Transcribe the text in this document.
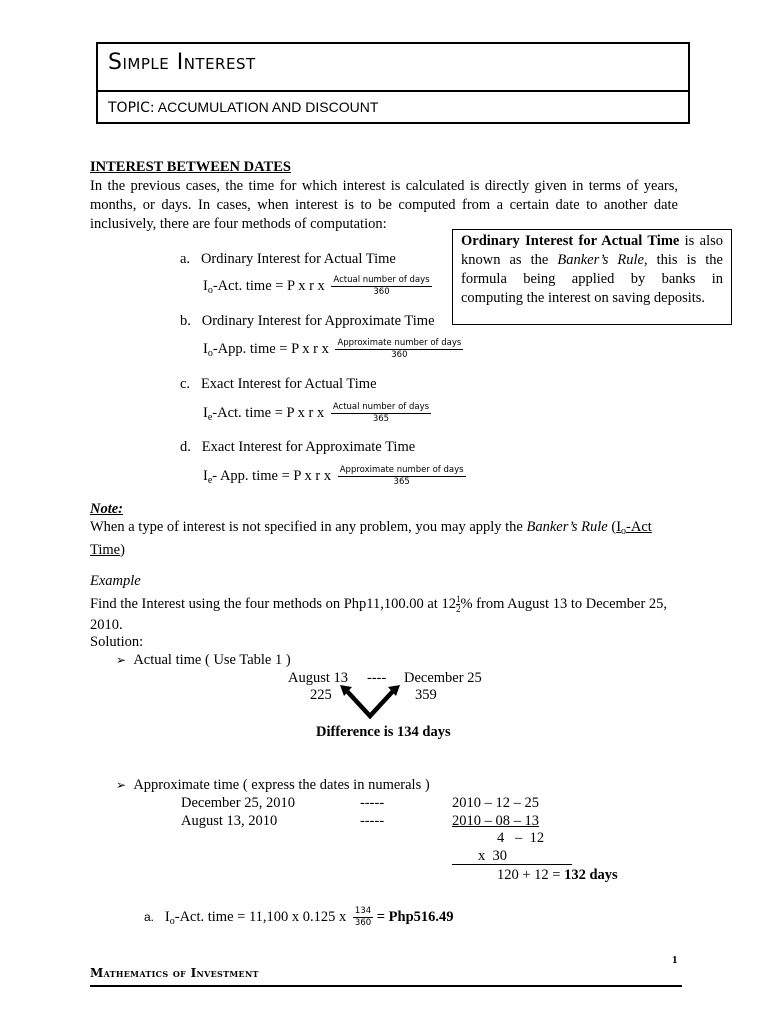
Simple Interest
TOPIC: ACCUMULATION AND DISCOUNT
INTEREST BETWEEN DATES
In the previous cases, the time for which interest is calculated is directly given in terms of years, months, or days. In cases, when interest is to be computed from a certain date to another date inclusively, there are four methods of computation:
a. Ordinary Interest for Actual Time
$I_o$-Act. time = P x r x $\frac{\text{Actual number of days}}{360}$
b. Ordinary Interest for Approximate Time
$I_o$-App. time = P x r x $\frac{\text{Approximate number of days}}{360}$
c. Exact Interest for Actual Time
$I_e$-Act. time = P x r x $\frac{\text{Actual number of days}}{365}$
d. Exact Interest for Approximate Time
$I_e-$ App. time = P x r x $\frac{\text{Approximate number of days}}{365}$
Ordinary Interest for Actual Time is also known as the Banker’s Rule, this is the formula being applied by banks in computing the interest on saving deposits.
Note:
When a type of interest is not specified in any problem, you may apply the Banker’s Rule ($I_o$-Act Time)
Example
Find the Interest using the four methods on Php11,100.00 at $12 \frac{1}{2}$ % from August 13 to December 25, 2010.
Solution:
➢ Actual time ( Use Table 1 )
August 13 ---- December 25
225	359
Difference is 134 days
➢ Approximate time ( express the dates in numerals )
December 25, 2010	-----	2010 – 12 – 25
August 13, 2010	-----	2010 – 08 – 13
4   –  12
x  30
120 + 12 = 132 days
a. $I_o$-Act. time = 11,100 x 0.125 x $\frac{134}{360} = Php516.49$
1
Mathematics of Investment
